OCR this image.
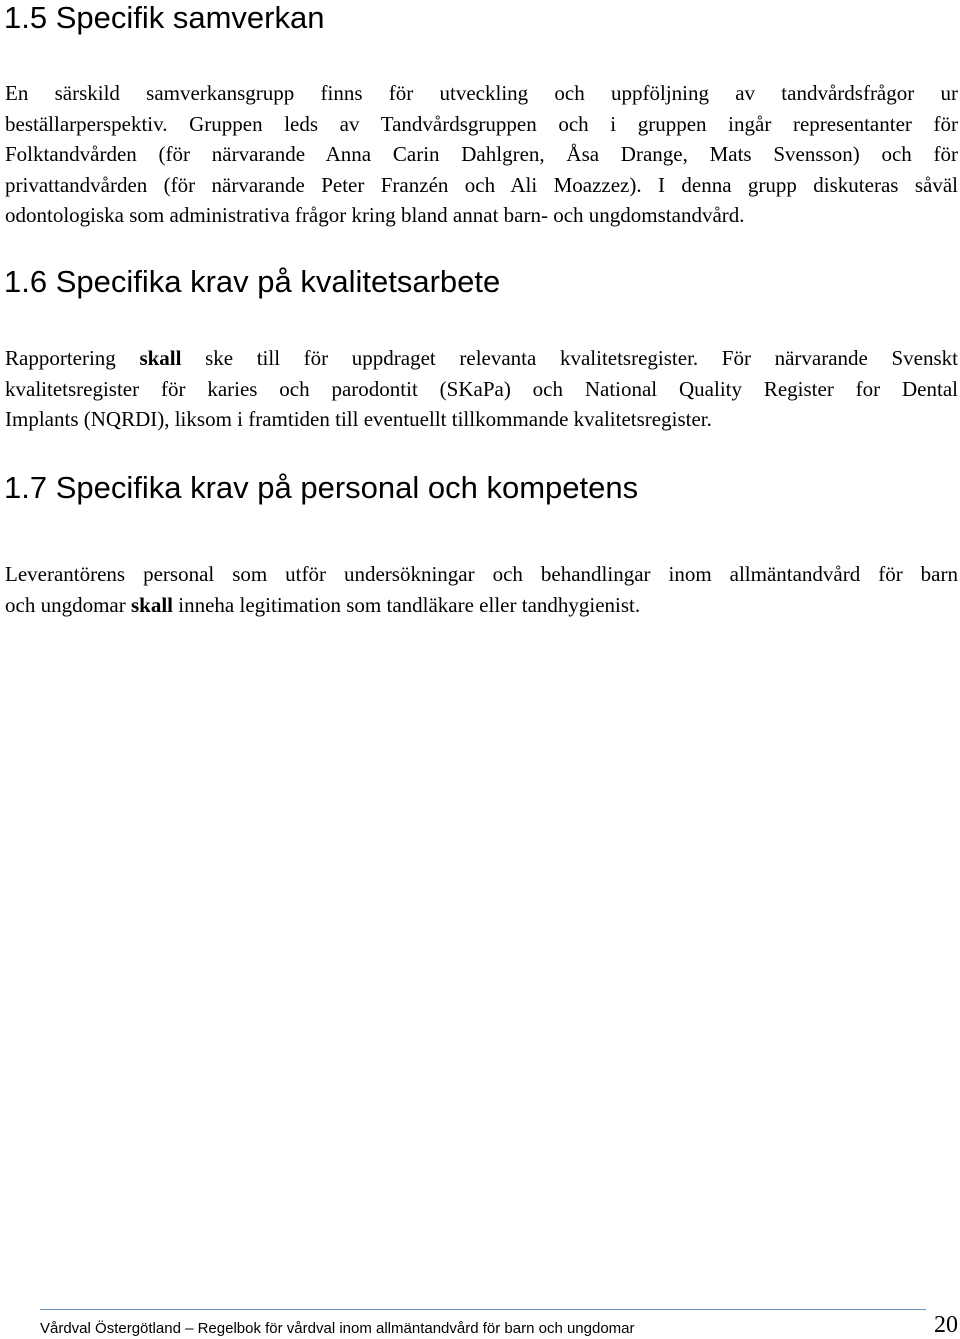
1.5 Specifik samverkan

En särskild samverkansgrupp finns för utveckling och uppföljning av tandvårdsfrågor ur
beställarperspektiv. Gruppen leds av Tandvårdsgruppen och i gruppen ingår representanter för
Folktandvården (för närvarande Anna Carin Dahlgren, Åsa Drange, Mats Svensson) och för
privattandvården (för närvarande Peter Franzén och Ali Moazzez). I denna grupp diskuteras såväl
odontologiska som administrativa frågor kring bland annat barn- och ungdomstandvård.

1.6 Specifika krav på kvalitetsarbete

Rapportering skall ske till för uppdraget relevanta kvalitetsregister. För närvarande Svenskt
kvalitetsregister för karies och parodontit (SKaPa) och National Quality Register for Dental
Implants (NQRDI), liksom i framtiden till eventuellt tillkommande kvalitetsregister.

1.7 Specifika krav på personal och kompetens

Leverantörens personal som utför undersökningar och behandlingar inom allmäntandvård för barn
och ungdomar skall inneha legitimation som tandläkare eller tandhygienist.

Vårdval Östergötland – Regelbok för vårdval inom allmäntandvård för barn och ungdomar	20
